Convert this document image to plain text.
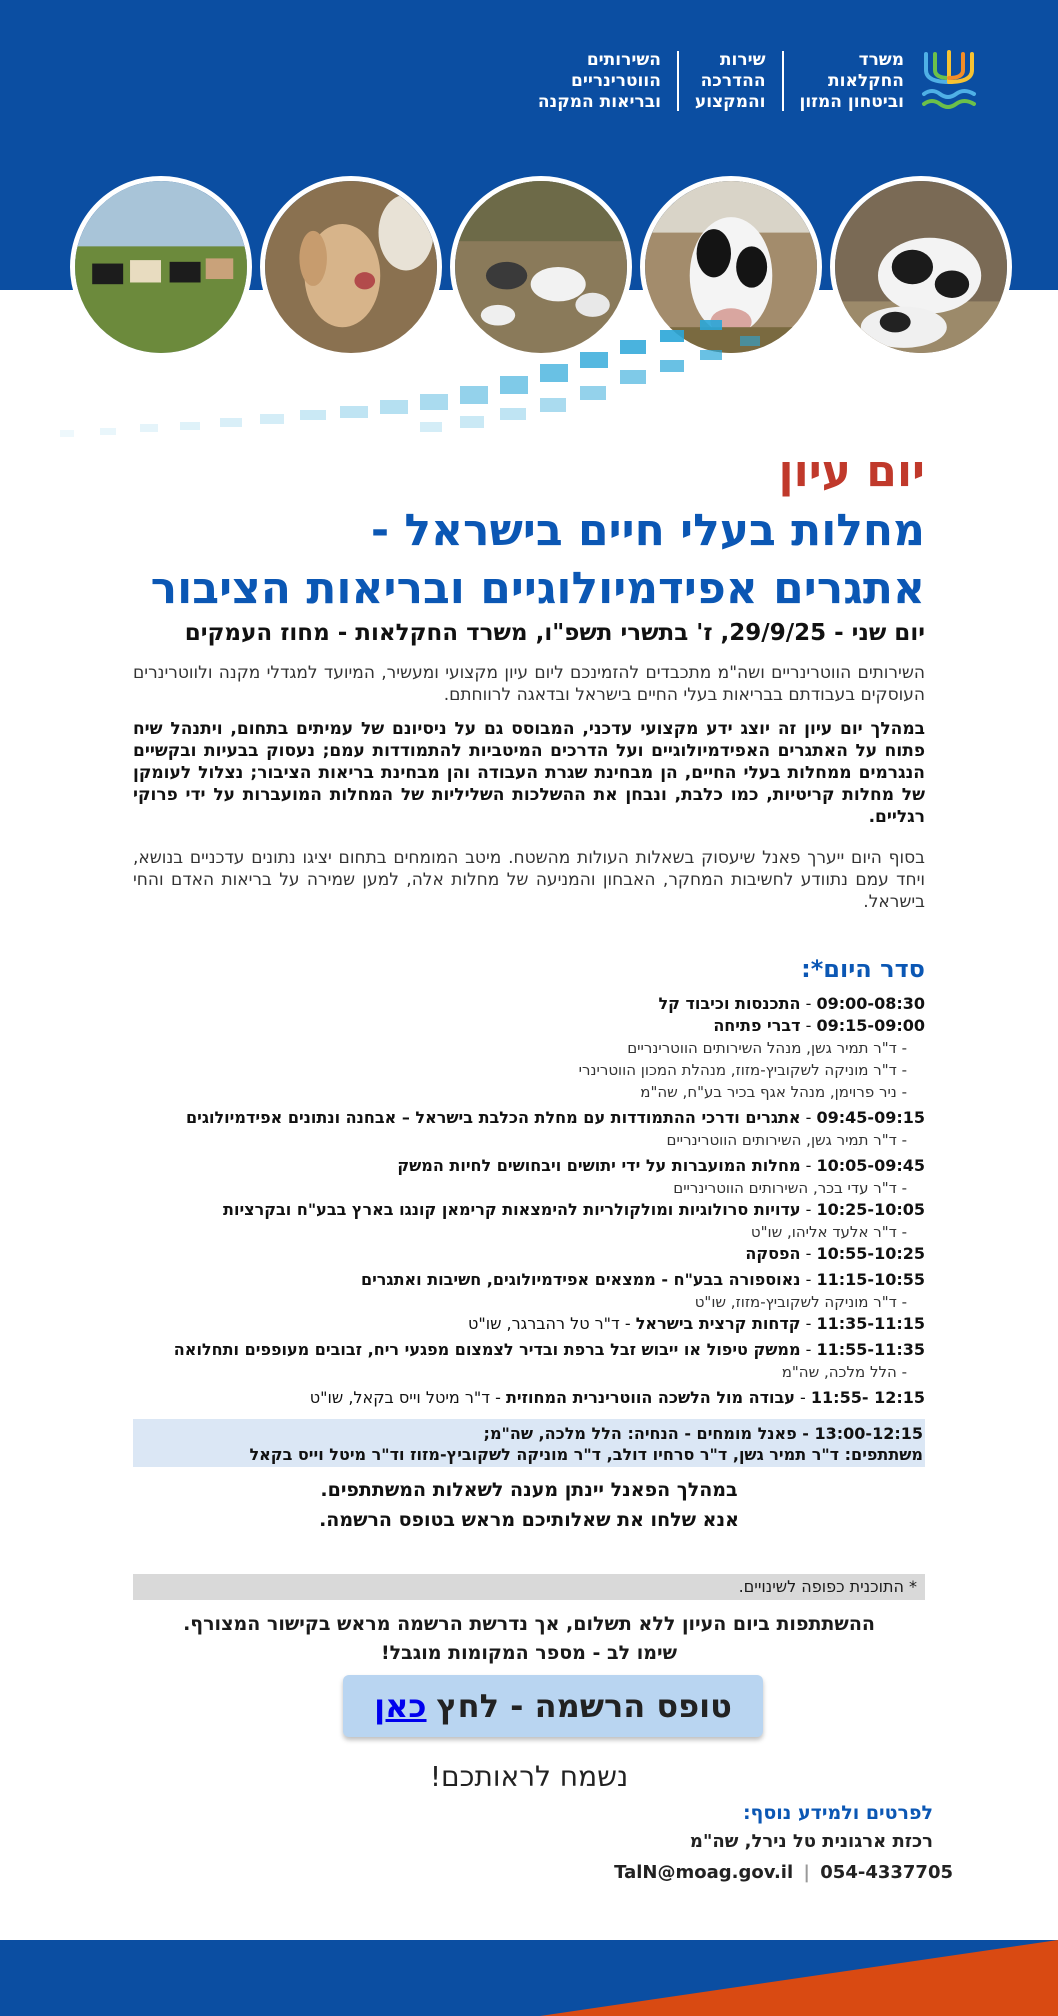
משרד
החקלאות
וביטחון המזון
שירות
ההדרכה
והמקצוע
השירותים
הווטרינריים
ובריאות המקנה
יום עיון
מחלות בעלי חיים בישראל -
אתגרים אפידמיולוגיים ובריאות הציבור
יום שני - 29/9/25, ז' בתשרי תשפ"ו, משרד החקלאות - מחוז העמקים
השירותים הווטרינריים ושה"מ מתכבדים להזמינכם ליום עיון מקצועי ומעשיר, המיועד למגדלי מקנה ולווטרינרים העוסקים בעבודתם בבריאות בעלי החיים בישראל ובדאגה לרווחתם.
במהלך יום עיון זה יוצג ידע מקצועי עדכני, המבוסס גם על ניסיונם של עמיתים בתחום, ויתנהל שיח פתוח על האתגרים האפידמיולוגיים ועל הדרכים המיטביות להתמודדות עמם; נעסוק בבעיות ובקשיים הנגרמים ממחלות בעלי החיים, הן מבחינת שגרת העבודה והן מבחינת בריאות הציבור; נצלול לעומקן של מחלות קריטיות, כמו כלבת, ונבחן את ההשלכות השליליות של המחלות המועברות על ידי פרוקי רגליים.
בסוף היום ייערך פאנל שיעסוק בשאלות העולות מהשטח. מיטב המומחים בתחום יציגו נתונים עדכניים בנושא, ויחד עמם נתוודע לחשיבות המחקר, האבחון והמניעה של מחלות אלה, למען שמירה על בריאות האדם והחי בישראל.
סדר היום*:
09:00-08:30 - התכנסות וכיבוד קל
09:15-09:00 - דברי פתיחה
- ד"ר תמיר גשן, מנהל השירותים הווטרינריים
- ד"ר מוניקה לשקוביץ-מזוז, מנהלת המכון הווטרינרי
- ניר פרוימן, מנהל אגף בכיר בע"ח, שה"מ
09:45-09:15 - אתגרים ודרכי ההתמודדות עם מחלת הכלבת בישראל – אבחנה ונתונים אפידמיולוגים
- ד"ר תמיר גשן, השירותים הווטרינריים
10:05-09:45 - מחלות המועברות על ידי יתושים ויבחושים לחיות המשק
- ד"ר עדי בכר, השירותים הווטרינריים
10:25-10:05 - עדויות סרולוגיות ומולקולריות להימצאות קרימאן קונגו בארץ בבע"ח ובקרציות
- ד"ר אלעד אליהו, שו"ט
10:55-10:25 - הפסקה
11:15-10:55 - נאוספורה בבע"ח - ממצאים אפידמיולוגים, חשיבות ואתגרים
- ד"ר מוניקה לשקוביץ-מזוז, שו"ט
11:35-11:15 - קדחות קרצית בישראל - ד"ר טל רהברגר, שו"ט
11:55-11:35 - ממשק טיפול או ייבוש זבל ברפת ובדיר לצמצום מפגעי ריח, זבובים מעופפים ותחלואה
- הלל מלכה, שה"מ
12:15 -11:55 - עבודה מול הלשכה הווטרינרית המחוזית - ד"ר מיטל וייס בקאל, שו"ט
13:00-12:15 - פאנל מומחים - הנחיה: הלל מלכה, שה"מ;
משתתפים: ד"ר תמיר גשן, ד"ר סרחיו דולב, ד"ר מוניקה לשקוביץ-מזוז וד"ר מיטל וייס בקאל
במהלך הפאנל יינתן מענה לשאלות המשתתפים.
אנא שלחו את שאלותיכם מראש בטופס הרשמה.
* התוכנית כפופה לשינויים.
ההשתתפות ביום העיון ללא תשלום, אך נדרשת הרשמה מראש בקישור המצורף.
שימו לב - מספר המקומות מוגבל!
טופס הרשמה - לחץ
כאן
נשמח לראותכם!
לפרטים ולמידע נוסף:
רכזת ארגונית טל נירל, שה"מ
TalN@moag.gov.il | 054-4337705
